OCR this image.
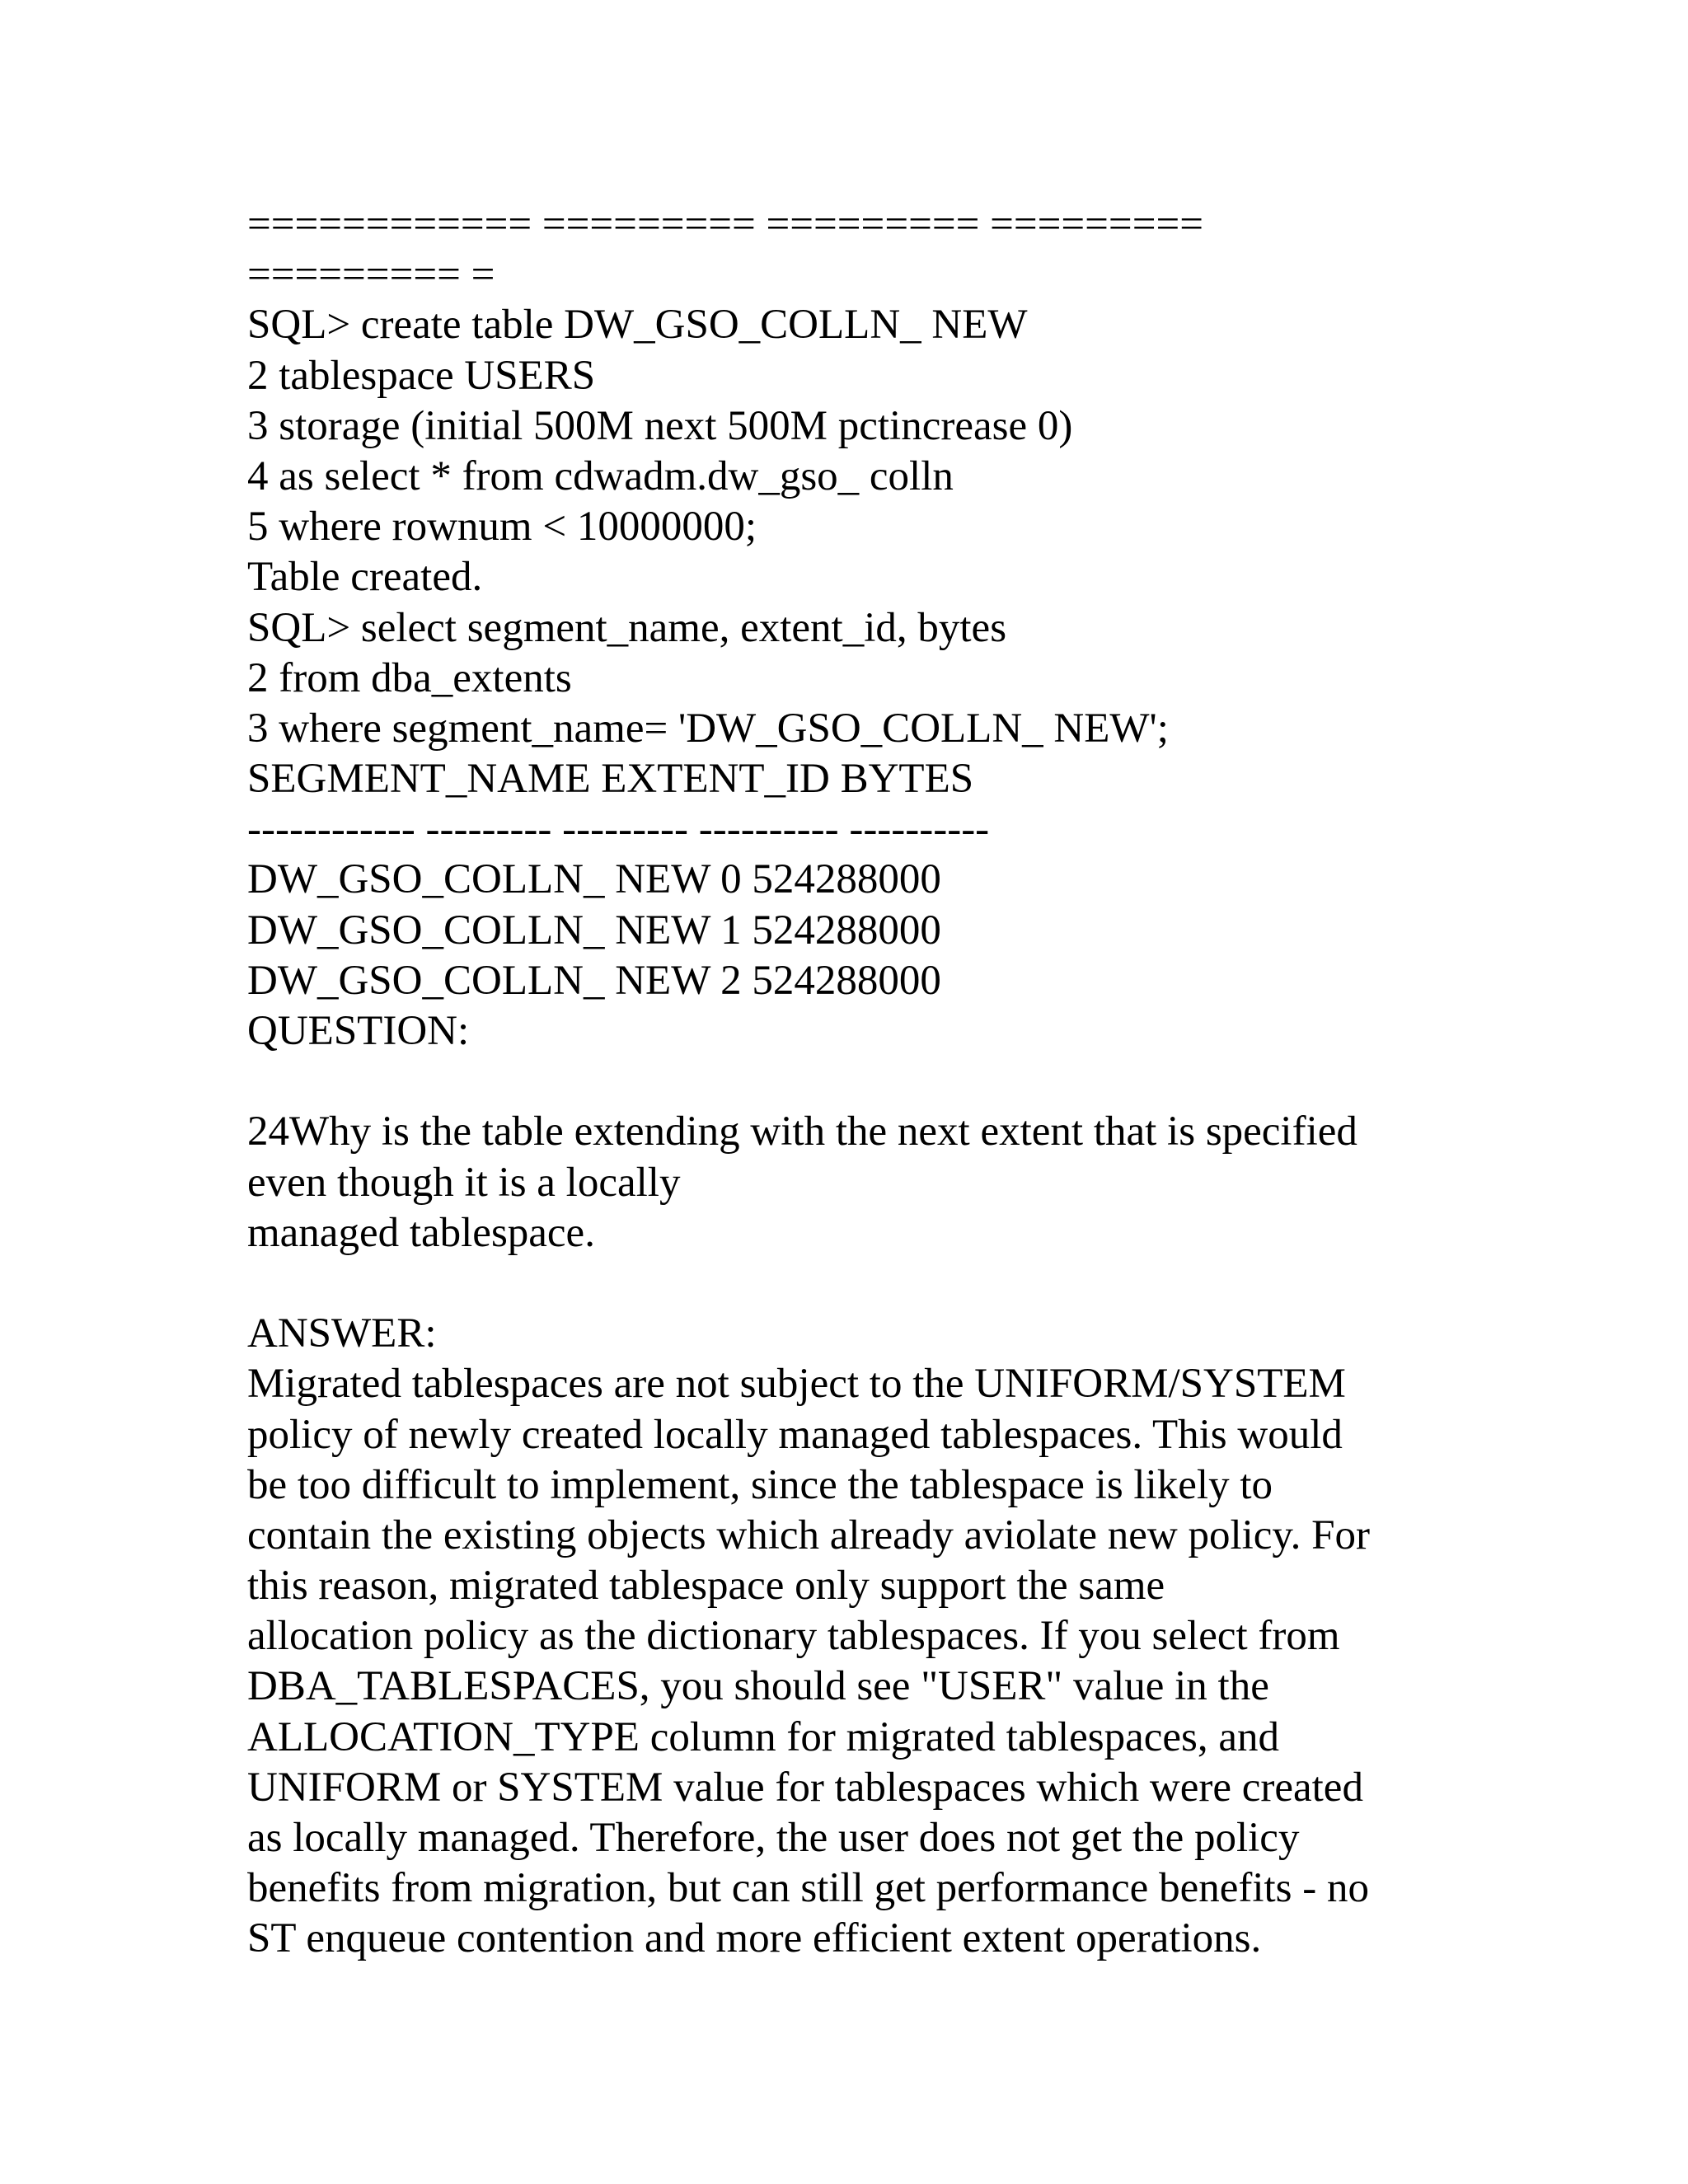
============ ========= ========= =========
========= =
SQL> create table DW_GSO_COLLN_ NEW
2 tablespace USERS
3 storage (initial 500M next 500M pctincrease 0)
4 as select * from cdwadm.dw_gso_ colln
5 where rownum < 10000000;
Table created.
SQL> select segment_name, extent_id, bytes
2 from dba_extents
3 where segment_name= 'DW_GSO_COLLN_ NEW';
SEGMENT_NAME EXTENT_ID BYTES
------------ --------- --------- ---------- ----------
DW_GSO_COLLN_ NEW 0 524288000
DW_GSO_COLLN_ NEW 1 524288000
DW_GSO_COLLN_ NEW 2 524288000
QUESTION:
24Why is the table extending with the next extent that is specified
even though it is a locally
managed tablespace.
ANSWER:
Migrated tablespaces are not subject to the UNIFORM/SYSTEM
policy of newly created locally managed tablespaces. This would
be too difficult to implement, since the tablespace is likely to
contain the existing objects which already aviolate new policy. For
this reason, migrated tablespace only support the same
allocation policy as the dictionary tablespaces. If you select from
DBA_TABLESPACES, you should see "USER" value in the
ALLOCATION_TYPE column for migrated tablespaces, and
UNIFORM or SYSTEM value for tablespaces which were created
as locally managed. Therefore, the user does not get the policy
benefits from migration, but can still get performance benefits - no
ST enqueue contention and more efficient extent operations.
